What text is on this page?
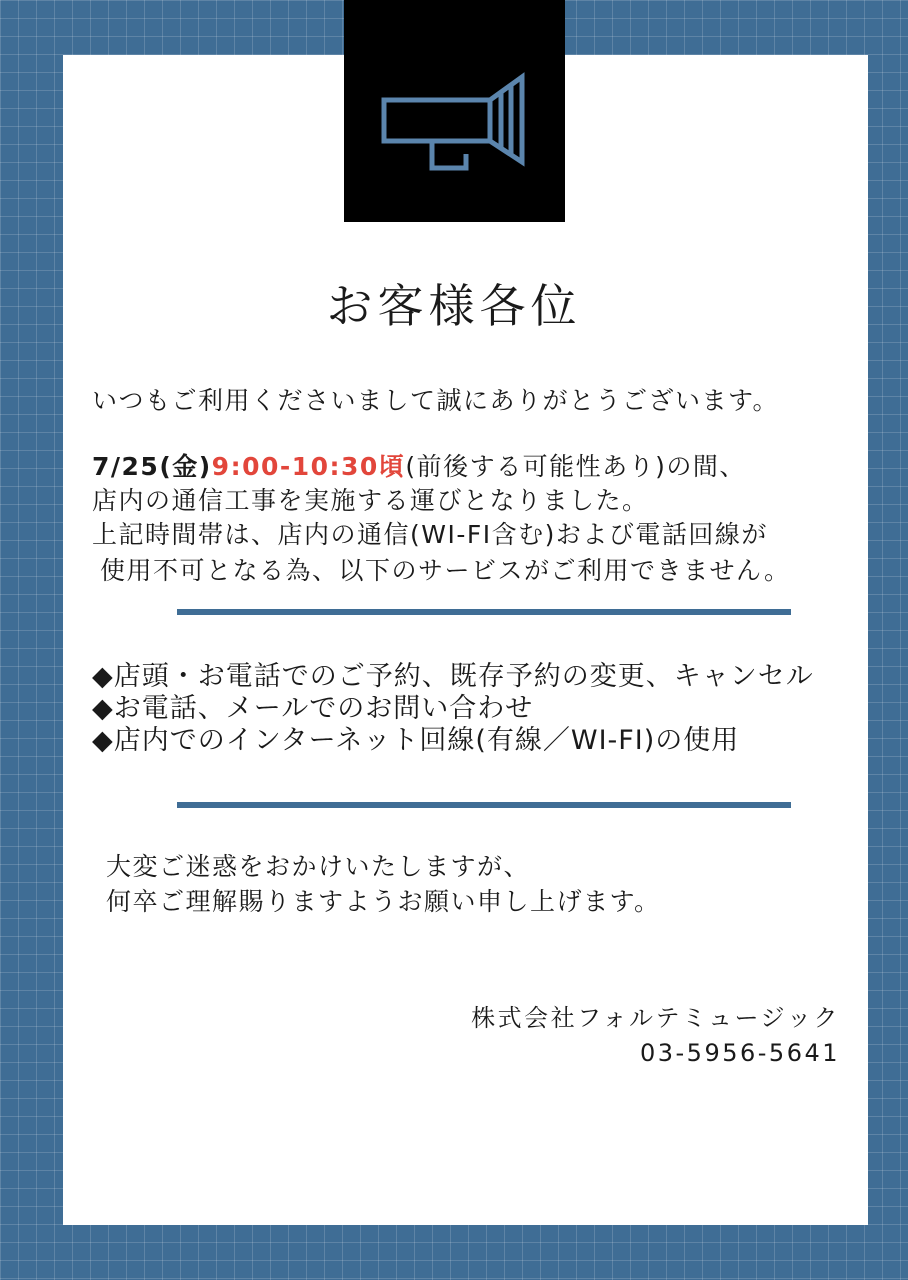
お客様各位

いつもご利用くださいまして誠にありがとうございます。

7/25(金)9:00-10:30頃(前後する可能性あり)の間、

店内の通信工事を実施する運びとなりました。

上記時間帯は、店内の通信(WI-FI含む)および電話回線が

使用不可となる為、以下のサービスがご利用できません。

◆店頭・お電話でのご予約、既存予約の変更、キャンセル

◆お電話、メールでのお問い合わせ

◆店内でのインターネット回線(有線／WI-FI)の使用

大変ご迷惑をおかけいたしますが、

何卒ご理解賜りますようお願い申し上げます。

株式会社フォルテミュージック

03-5956-5641
